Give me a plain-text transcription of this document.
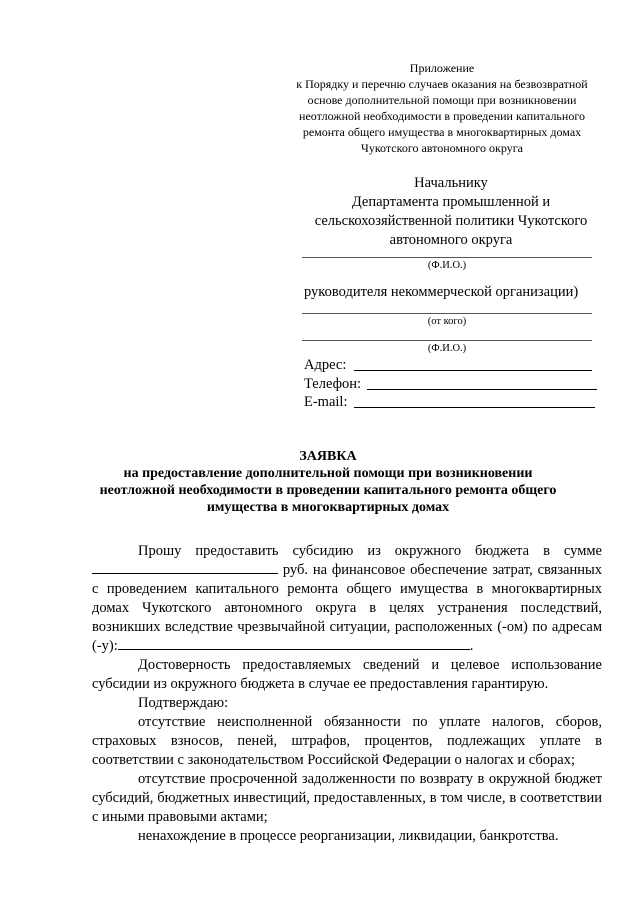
Приложение
к Порядку и перечню случаев оказания на безвозвратной
основе дополнительной помощи при возникновении
неотложной необходимости в проведении капитального
ремонта общего имущества в многоквартирных домах
Чукотского автономного округа
Начальнику
Департамента промышленной и
сельскохозяйственной политики Чукотского
автономного округа
(Ф.И.О.)
руководителя некоммерческой организации)
(от кого)
(Ф.И.О.)
Адрес:
Телефон:
E-mail:
ЗАЯВКА
на предоставление дополнительной помощи при возникновении
неотложной необходимости в проведении капитального ремонта общего
имущества в многоквартирных домах

Прошу предоставить субсидию из окружного бюджета в сумме  руб. на финансовое обеспечение затрат, связанных с проведением капитального ремонта общего имущества в многоквартирных домах Чукотского автономного округа в целях устранения последствий, возникших вследствие чрезвычайной ситуации, расположенных (-ом) по адресам (-у):	.

Достоверность предоставляемых сведений и целевое использование субсидии из окружного бюджета в случае ее предоставления гарантирую.

Подтверждаю:

отсутствие неисполненной обязанности по уплате налогов, сборов, страховых взносов, пеней, штрафов, процентов, подлежащих уплате в соответствии с законодательством Российской Федерации о налогах и сборах;

отсутствие просроченной задолженности по возврату в окружной бюджет субсидий, бюджетных инвестиций, предоставленных, в том числе, в соответствии с иными правовыми актами;

ненахождение в процессе реорганизации, ликвидации, банкротства.
